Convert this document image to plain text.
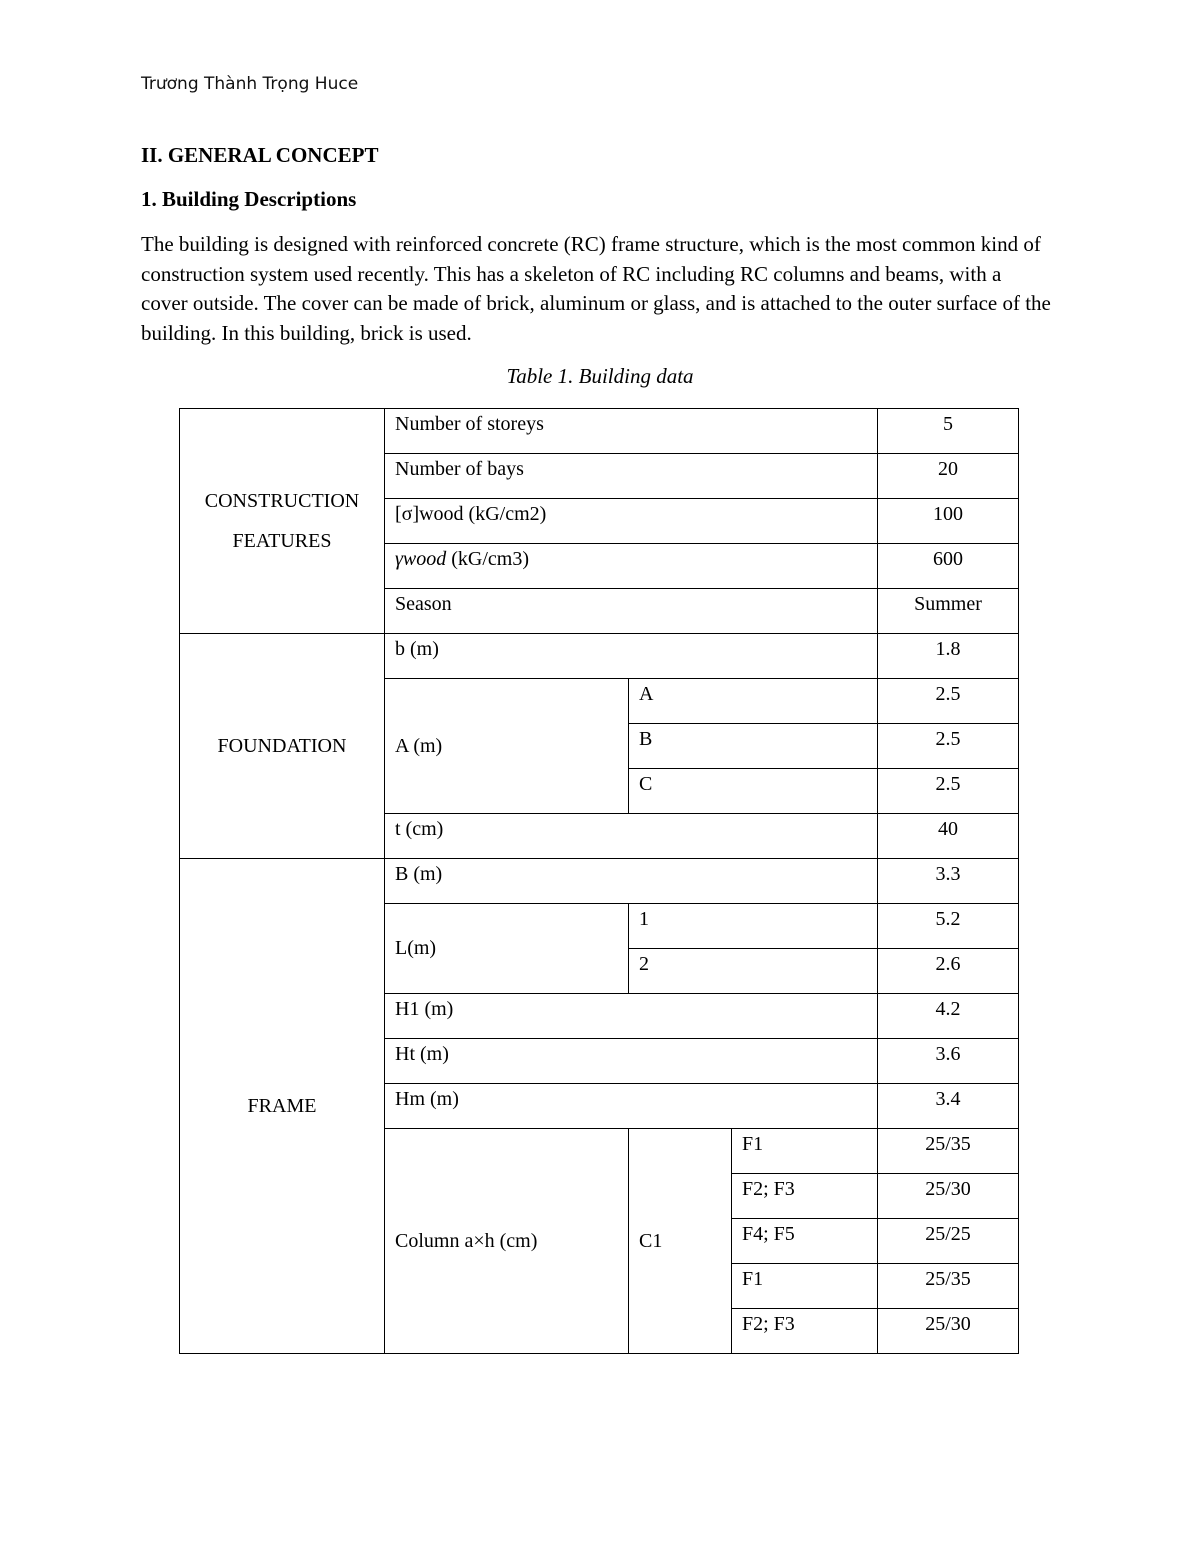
Trương Thành Trọng Huce
II. GENERAL CONCEPT
1. Building Descriptions

The building is designed with reinforced concrete (RC) frame structure, which is the most common kind of construction system used recently. This has a skeleton of RC including RC columns and beams, with a cover outside. The cover can be made of brick, aluminum or glass, and is attached to the outer surface of the building. In this building, brick is used.

Table 1. Building data
CONSTRUCTION
FEATURES	Number of storeys			5
	Number of bays			20
	[σ]wood (kG/cm2)			100
	γwood (kG/cm3)			600
	Season			Summer
FOUNDATION	b (m)			1.8
	A (m)	A		2.5
		B		2.5
		C		2.5
	t (cm)			40
FRAME	B (m)			3.3
	L(m)	1		5.2
		2		2.6
	H1 (m)			4.2
	Ht (m)			3.6
	Hm (m)			3.4
	Column a×h (cm)	C1	F1	25/35
			F2; F3	25/30
			F4; F5	25/25
			F1	25/35
			F2; F3	25/30
